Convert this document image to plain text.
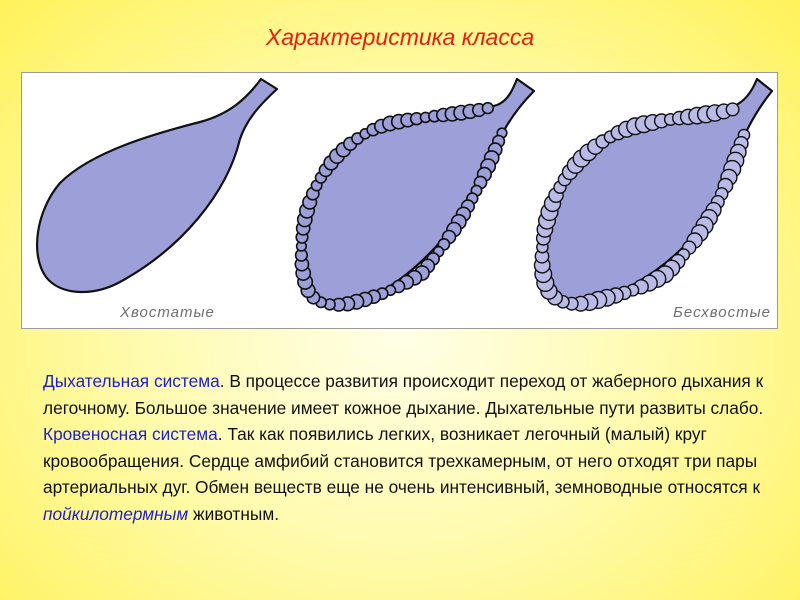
Характеристика класса
Хвостатые	Бесхвостые
Дыхательная система. В процессе развития происходит переход от жаберного дыхания к легочному. Большое значение имеет кожное дыхание. Дыхательные пути развиты слабо.
Кровеносная система. Так как появились легких, возникает легочный (малый) круг кровообращения. Сердце амфибий становится трехкамерным, от него отходят три пары артериальных дуг. Обмен веществ еще не очень интенсивный, земноводные относятся к пойкилотермным животным.
